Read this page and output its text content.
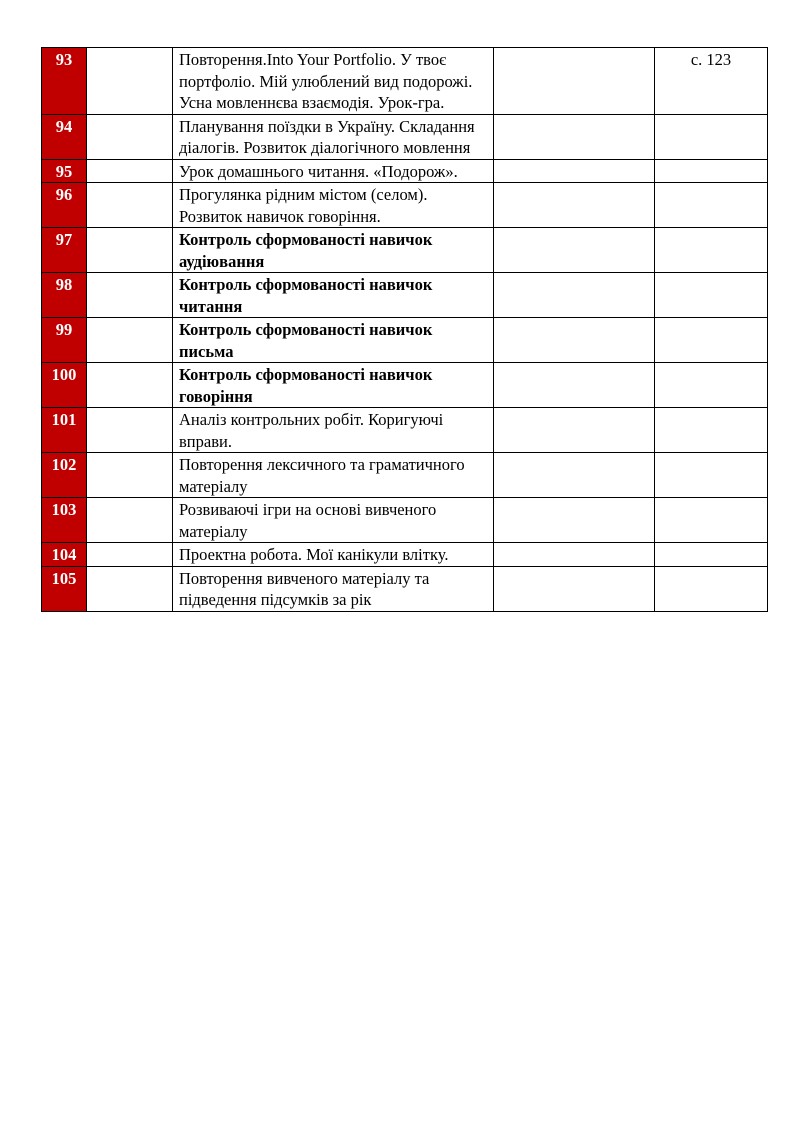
93		Повторення.Into Your Portfolio. У твоє портфоліо. Мій улюблений вид подорожі. Усна мовленнєва взаємодія. Урок-гра.		с. 123
94		Планування поїздки в Україну. Складання діалогів. Розвиток діалогічного мовлення		
95		Урок домашнього читання. «Подорож».		
96		Прогулянка рідним містом (селом). Розвиток навичок говоріння.		
97		Контроль сформованості навичок аудіювання		
98		Контроль сформованості навичок читання		
99		Контроль сформованості навичок письма		
100		Контроль сформованості навичок говоріння		
101		Аналіз контрольних робіт. Коригуючі вправи.		
102		Повторення лексичного та граматичного матеріалу		
103		Розвиваючі ігри на основі вивченого матеріалу		
104		Проектна робота. Мої канікули влітку.		
105		Повторення вивченого матеріалу та підведення підсумків за рік		
